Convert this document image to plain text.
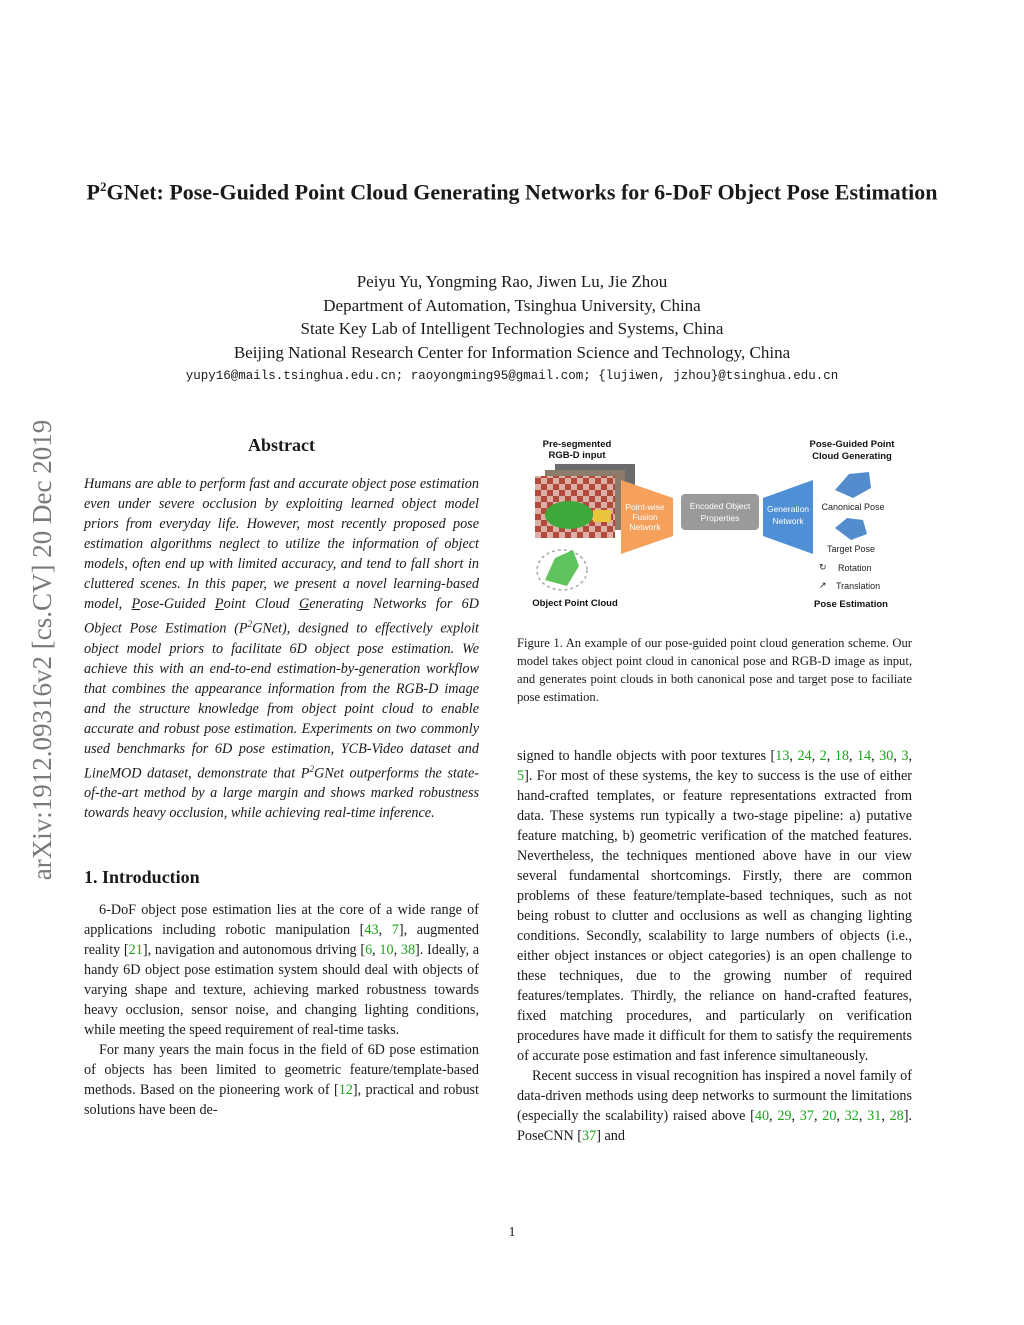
arXiv:1912.09316v2 [cs.CV] 20 Dec 2019
$P^2GNet$: Pose-Guided Point Cloud Generating Networks for 6-DoF Object Pose Estimation
Peiyu Yu, Yongming Rao, Jiwen Lu, Jie Zhou
Department of Automation, Tsinghua University, China
State Key Lab of Intelligent Technologies and Systems, China
Beijing National Research Center for Information Science and Technology, China
yupy16@mails.tsinghua.edu.cn; raoyongming95@gmail.com; {lujiwen, jzhou}@tsinghua.edu.cn
Abstract

Humans are able to perform fast and accurate object pose estimation even under severe occlusion by exploiting learned object model priors from everyday life. However, most recently proposed pose estimation algorithms neglect to utilize the information of object models, often end up with limited accuracy, and tend to fall short in cluttered scenes. In this paper, we present a novel learning-based model, Pose-Guided Point Cloud Generating Networks for 6D Object Pose Estimation $(P^2GNet)$, designed to effectively exploit object model priors to facilitate 6D object pose estimation. We achieve this with an end-to-end estimation-by-generation workflow that combines the appearance information from the RGB-D image and the structure knowledge from object point cloud to enable accurate and robust pose estimation. Experiments on two commonly used benchmarks for 6D pose estimation, YCB-Video dataset and LineMOD dataset, demonstrate that $P^2GNet$ outperforms the state-of-the-art method by a large margin and shows marked robustness towards heavy occlusion, while achieving real-time inference.

1. Introduction

6-DoF object pose estimation lies at the core of a wide range of applications including robotic manipulation [43, 7], augmented reality [21], navigation and autonomous driving [6, 10, 38]. Ideally, a handy 6D object pose estimation system should deal with objects of varying shape and texture, achieving marked robustness towards heavy occlusion, sensor noise, and changing lighting conditions, while meeting the speed requirement of real-time tasks.

For many years the main focus in the field of 6D pose estimation of objects has been limited to geometric feature/template-based methods. Based on the pioneering work of [12], practical and robust solutions have been de-

Pre-segmented
RGB-D input
Object Point Cloud
Point-wise
Fusion
Network
Encoded Object
Properties
Generation
Network
Pose-Guided Point
Cloud Generating
Canonical Pose
Target Pose
↻ Rotation
↗ Translation
Pose Estimation
Figure 1. An example of our pose-guided point cloud generation scheme. Our model takes object point cloud in canonical pose and RGB-D image as input, and generates point clouds in both canonical pose and target pose to faciliate pose estimation.

signed to handle objects with poor textures [13, 24, 2, 18, 14, 30, 3, 5]. For most of these systems, the key to success is the use of either hand-crafted templates, or feature representations extracted from data. These systems run typically a two-stage pipeline: a) putative feature matching, b) geometric verification of the matched features. Nevertheless, the techniques mentioned above have in our view several fundamental shortcomings. Firstly, there are common problems of these feature/template-based techniques, such as not being robust to clutter and occlusions as well as changing lighting conditions. Secondly, scalability to large numbers of objects (i.e., either object instances or object categories) is an open challenge to these techniques, due to the growing number of required features/templates. Thirdly, the reliance on hand-crafted features, fixed matching procedures, and particularly on verification procedures have made it difficult for them to satisfy the requirements of accurate pose estimation and fast inference simultaneously.

Recent success in visual recognition has inspired a novel family of data-driven methods using deep networks to surmount the limitations (especially the scalability) raised above [40, 29, 37, 20, 32, 31, 28]. PoseCNN [37] and

1
